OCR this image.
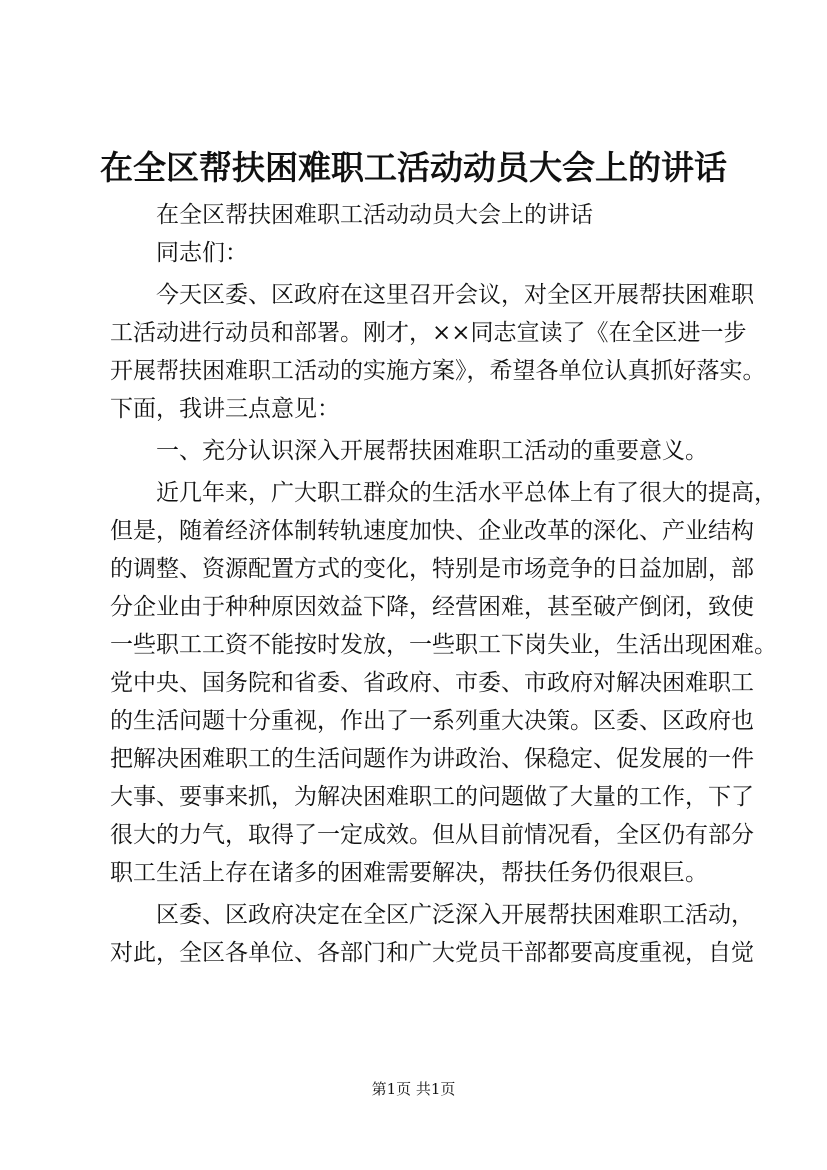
在全区帮扶困难职工活动动员大会上的讲话
在全区帮扶困难职工活动动员大会上的讲话
同志们：
今天区委、区政府在这里召开会议，对全区开展帮扶困难职
工活动进行动员和部署。刚才，××同志宣读了《在全区进一步
开展帮扶困难职工活动的实施方案》，希望各单位认真抓好落实。
下面，我讲三点意见：
一、充分认识深入开展帮扶困难职工活动的重要意义。
近几年来，广大职工群众的生活水平总体上有了很大的提高，
但是，随着经济体制转轨速度加快、企业改革的深化、产业结构
的调整、资源配置方式的变化，特别是市场竞争的日益加剧，部
分企业由于种种原因效益下降，经营困难，甚至破产倒闭，致使
一些职工工资不能按时发放，一些职工下岗失业，生活出现困难。
党中央、国务院和省委、省政府、市委、市政府对解决困难职工
的生活问题十分重视，作出了一系列重大决策。区委、区政府也
把解决困难职工的生活问题作为讲政治、保稳定、促发展的一件
大事、要事来抓，为解决困难职工的问题做了大量的工作，下了
很大的力气，取得了一定成效。但从目前情况看，全区仍有部分
职工生活上存在诸多的困难需要解决，帮扶任务仍很艰巨。
区委、区政府决定在全区广泛深入开展帮扶困难职工活动，
对此，全区各单位、各部门和广大党员干部都要高度重视，自觉
第1页 共1页
